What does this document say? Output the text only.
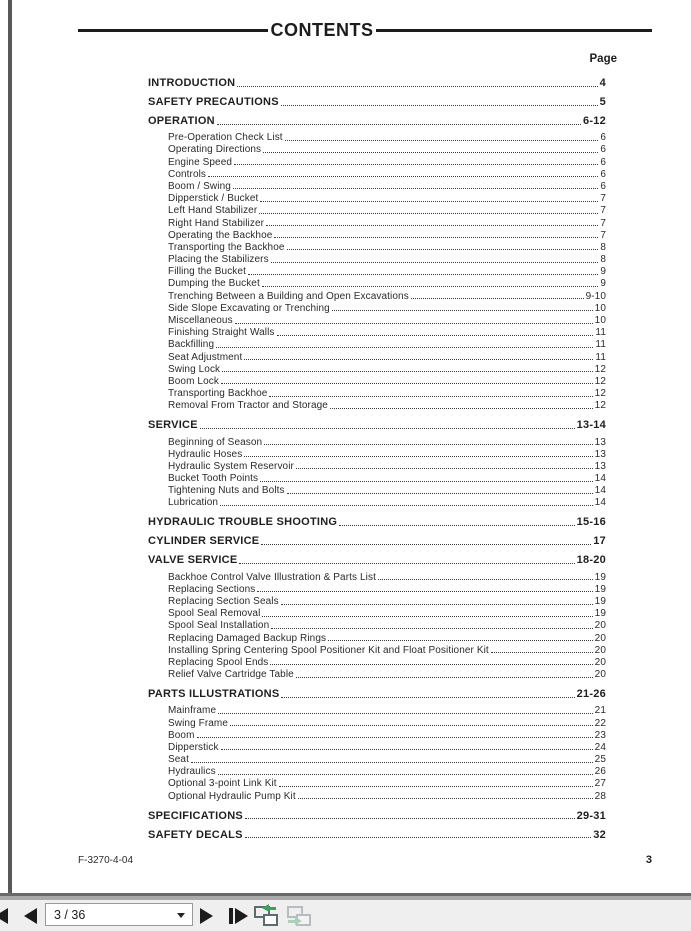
CONTENTS
Page
INTRODUCTION	4
SAFETY PRECAUTIONS	5
OPERATION	6-12
Pre-Operation Check List	6
Operating Directions	6
Engine Speed	6
Controls	6
Boom / Swing	6
Dipperstick / Bucket	7
Left Hand Stabilizer	7
Right Hand Stabilizer	7
Operating the Backhoe	7
Transporting the Backhoe	8
Placing the Stabilizers	8
Filling the Bucket	9
Dumping the Bucket	9
Trenching Between a Building and Open Excavations	9-10
Side Slope Excavating or Trenching	10
Miscellaneous	10
Finishing Straight Walls	11
Backfilling	11
Seat Adjustment	11
Swing Lock	12
Boom Lock	12
Transporting Backhoe	12
Removal From Tractor and Storage	12
SERVICE	13-14
Beginning of Season	13
Hydraulic Hoses	13
Hydraulic System Reservoir	13
Bucket Tooth Points	14
Tightening Nuts and Bolts	14
Lubrication	14
HYDRAULIC TROUBLE SHOOTING	15-16
CYLINDER SERVICE	17
VALVE SERVICE	18-20
Backhoe Control Valve Illustration & Parts List	19
Replacing Sections	19
Replacing Section Seals	19
Spool Seal Removal	19
Spool Seal Installation	20
Replacing Damaged Backup Rings	20
Installing Spring Centering Spool Positioner Kit and Float Positioner Kit	20
Replacing Spool Ends	20
Relief Valve Cartridge Table	20
PARTS ILLUSTRATIONS	21-26
Mainframe	21
Swing Frame	22
Boom	23
Dipperstick	24
Seat	25
Hydraulics	26
Optional 3-point Link Kit	27
Optional Hydraulic Pump Kit	28
SPECIFICATIONS	29-31
SAFETY DECALS	32
F-3270-4-04	3
3 / 36
